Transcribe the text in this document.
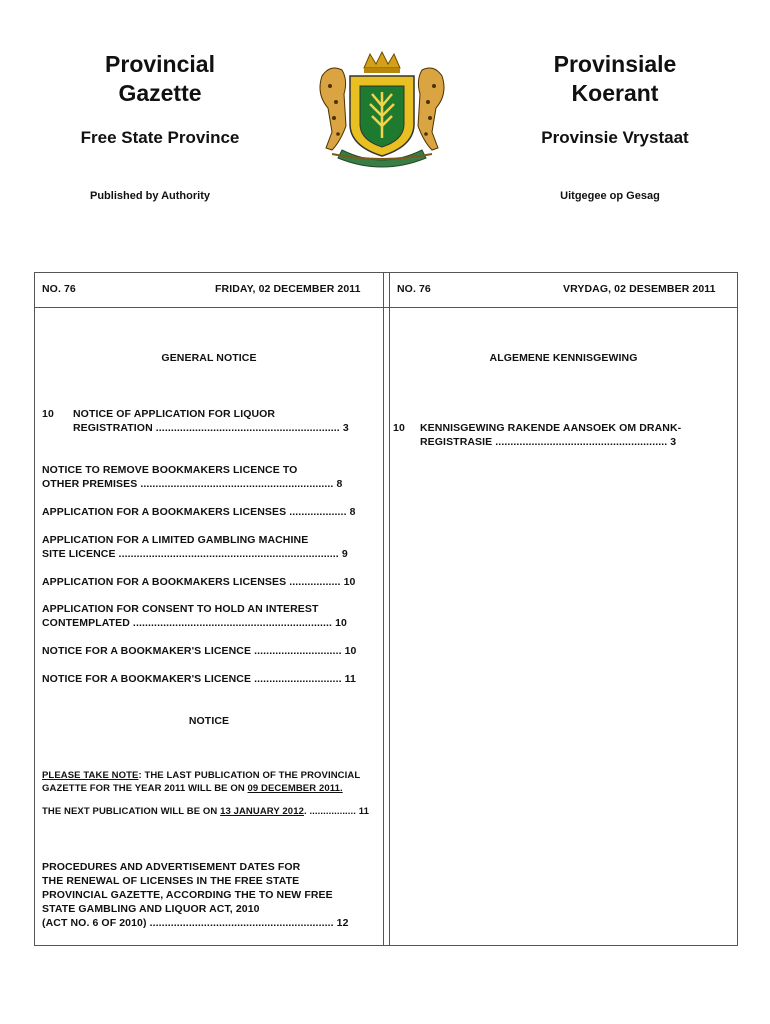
Provincial
Gazette
Provinsiale
Koerant
Free State Province	Provinsie Vrystaat
Published by Authority	Uitgegee op Gesag
NO. 76	FRIDAY, 02 DECEMBER 2011	NO. 76	VRYDAG, 02 DESEMBER 2011
GENERAL NOTICE
10 NOTICE OF APPLICATION FOR LIQUOR
REGISTRATION ............................................................. 3
NOTICE TO REMOVE BOOKMAKERS LICENCE TO
OTHER PREMISES ................................................................ 8
APPLICATION FOR A BOOKMAKERS LICENSES ................... 8
APPLICATION FOR A LIMITED GAMBLING MACHINE
SITE LICENCE ......................................................................... 9
APPLICATION FOR A BOOKMAKERS LICENSES ................. 10
APPLICATION FOR CONSENT TO HOLD AN INTEREST
CONTEMPLATED .................................................................. 10
NOTICE FOR A BOOKMAKER'S LICENCE ............................. 10
NOTICE FOR A BOOKMAKER'S LICENCE ............................. 11
NOTICE
PLEASE TAKE NOTE: THE LAST PUBLICATION OF THE PROVINCIAL
GAZETTE FOR THE YEAR 2011 WILL BE ON 09 DECEMBER 2011.
THE NEXT PUBLICATION WILL BE ON 13 JANUARY 2012. ................. 11
PROCEDURES AND ADVERTISEMENT DATES FOR
THE RENEWAL OF LICENSES IN THE FREE STATE
PROVINCIAL GAZETTE, ACCORDING THE TO NEW FREE
STATE GAMBLING AND LIQUOR ACT, 2010
(ACT NO. 6 OF 2010) ............................................................. 12
ALGEMENE KENNISGEWING
10 KENNISGEWING RAKENDE AANSOEK OM DRANK-
REGISTRASIE ......................................................... 3
